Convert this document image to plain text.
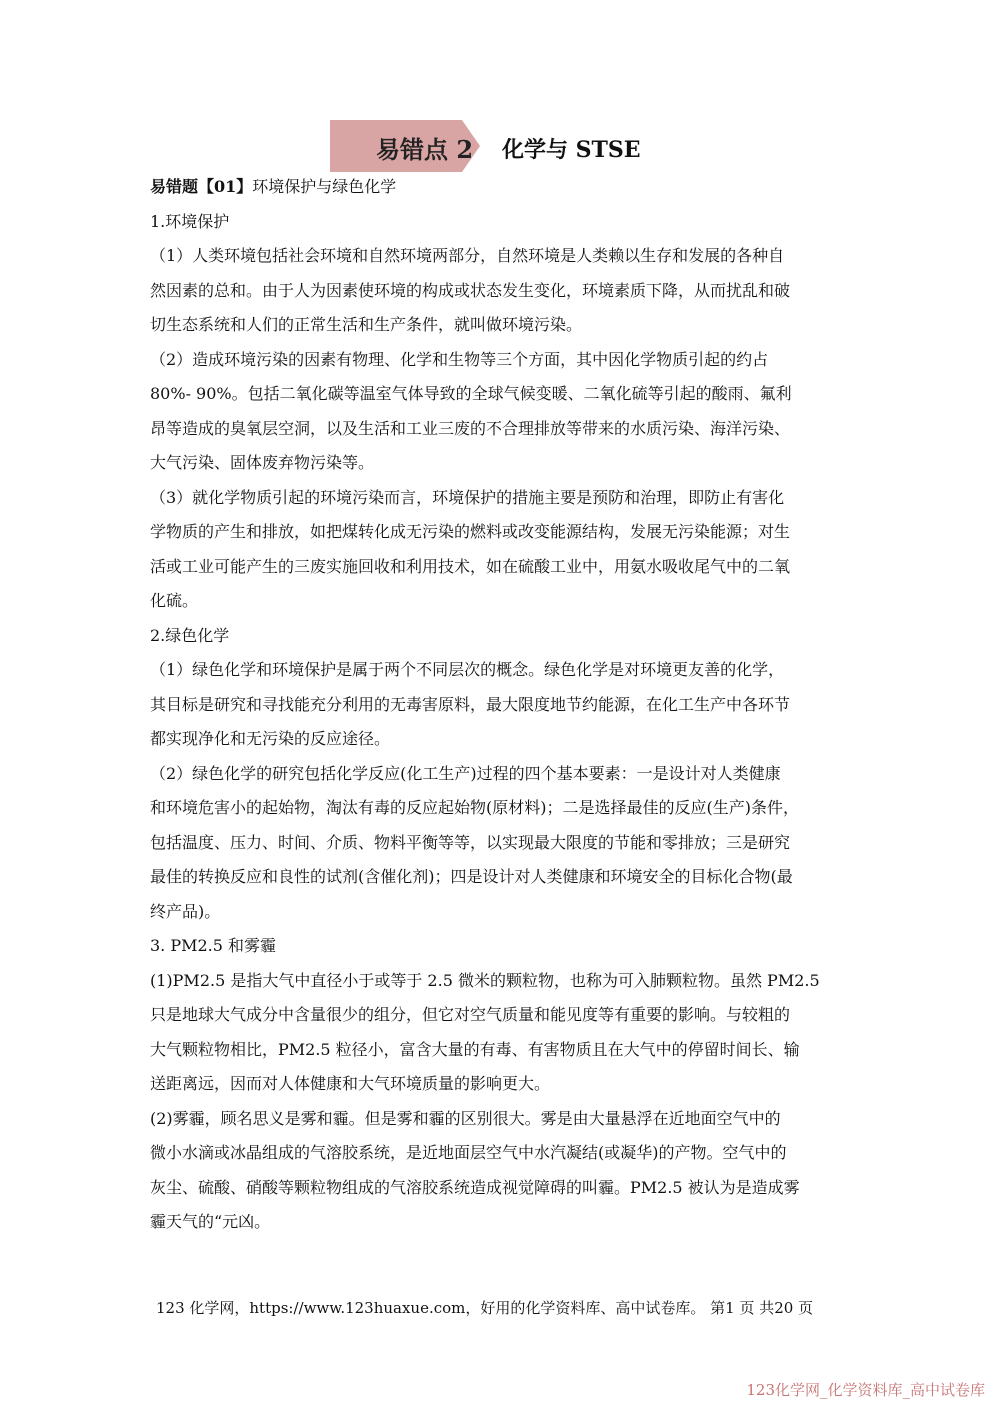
易错点 2 化学与 STSE
易错题【01】环境保护与绿色化学
1.环境保护
（1）人类环境包括社会环境和自然环境两部分，自然环境是人类赖以生存和发展的各种自
然因素的总和。由于人为因素使环境的构成或状态发生变化，环境素质下降，从而扰乱和破
切生态系统和人们的正常生活和生产条件，就叫做环境污染。
（2）造成环境污染的因素有物理、化学和生物等三个方面，其中因化学物质引起的约占
80%- 90%。包括二氧化碳等温室气体导致的全球气候变暖、二氧化硫等引起的酸雨、氟利
昂等造成的臭氧层空洞，以及生活和工业三废的不合理排放等带来的水质污染、海洋污染、
大气污染、固体废弃物污染等。
（3）就化学物质引起的环境污染而言，环境保护的措施主要是预防和治理，即防止有害化
学物质的产生和排放，如把煤转化成无污染的燃料或改变能源结构，发展无污染能源；对生
活或工业可能产生的三废实施回收和利用技术，如在硫酸工业中，用氨水吸收尾气中的二氧
化硫。
2.绿色化学
（1）绿色化学和环境保护是属于两个不同层次的概念。绿色化学是对环境更友善的化学，
其目标是研究和寻找能充分利用的无毒害原料，最大限度地节约能源，在化工生产中各环节
都实现净化和无污染的反应途径。
（2）绿色化学的研究包括化学反应(化工生产)过程的四个基本要素：一是设计对人类健康
和环境危害小的起始物，淘汰有毒的反应起始物(原材料)；二是选择最佳的反应(生产)条件，
包括温度、压力、时间、介质、物料平衡等等，以实现最大限度的节能和零排放；三是研究
最佳的转换反应和良性的试剂(含催化剂)；四是设计对人类健康和环境安全的目标化合物(最
终产品)。
3. PM2.5 和雾霾
(1)PM2.5 是指大气中直径小于或等于 2.5 微米的颗粒物，也称为可入肺颗粒物。虽然 PM2.5
只是地球大气成分中含量很少的组分，但它对空气质量和能见度等有重要的影响。与较粗的
大气颗粒物相比，PM2.5 粒径小，富含大量的有毒、有害物质且在大气中的停留时间长、输
送距离远，因而对人体健康和大气环境质量的影响更大。
(2)雾霾，顾名思义是雾和霾。但是雾和霾的区别很大。雾是由大量悬浮在近地面空气中的
微小水滴或冰晶组成的气溶胶系统，是近地面层空气中水汽凝结(或凝华)的产物。空气中的
灰尘、硫酸、硝酸等颗粒物组成的气溶胶系统造成视觉障碍的叫霾。PM2.5 被认为是造成雾
霾天气的“元凶。
123 化学网，https://www.123huaxue.com，好用的化学资料库、高中试卷库。 第1 页 共20 页
123化学网_化学资料库_高中试卷库
